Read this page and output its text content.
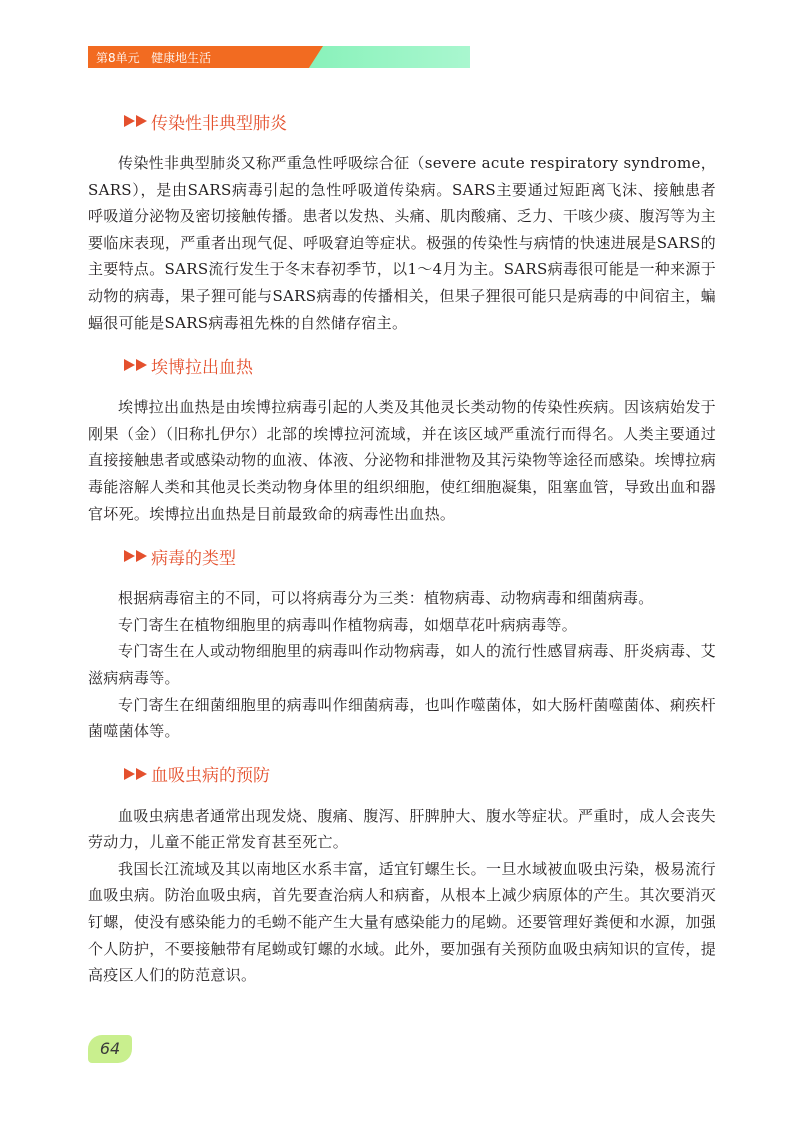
第8单元 健康地生活
传染性非典型肺炎

传染性非典型肺炎又称严重急性呼吸综合征（severe acute respiratory syndrome，SARS），是由SARS病毒引起的急性呼吸道传染病。SARS主要通过短距离飞沫、接触患者呼吸道分泌物及密切接触传播。患者以发热、头痛、肌肉酸痛、乏力、干咳少痰、腹泻等为主要临床表现，严重者出现气促、呼吸窘迫等症状。极强的传染性与病情的快速进展是SARS的主要特点。SARS流行发生于冬末春初季节，以1～4月为主。SARS病毒很可能是一种来源于动物的病毒，果子狸可能与SARS病毒的传播相关，但果子狸很可能只是病毒的中间宿主，蝙蝠很可能是SARS病毒祖先株的自然储存宿主。

埃博拉出血热

埃博拉出血热是由埃博拉病毒引起的人类及其他灵长类动物的传染性疾病。因该病始发于刚果（金）（旧称扎伊尔）北部的埃博拉河流域，并在该区域严重流行而得名。人类主要通过直接接触患者或感染动物的血液、体液、分泌物和排泄物及其污染物等途径而感染。埃博拉病毒能溶解人类和其他灵长类动物身体里的组织细胞，使红细胞凝集，阻塞血管，导致出血和器官坏死。埃博拉出血热是目前最致命的病毒性出血热。

病毒的类型

根据病毒宿主的不同，可以将病毒分为三类：植物病毒、动物病毒和细菌病毒。

专门寄生在植物细胞里的病毒叫作植物病毒，如烟草花叶病病毒等。

专门寄生在人或动物细胞里的病毒叫作动物病毒，如人的流行性感冒病毒、肝炎病毒、艾滋病病毒等。

专门寄生在细菌细胞里的病毒叫作细菌病毒，也叫作噬菌体，如大肠杆菌噬菌体、痢疾杆菌噬菌体等。

血吸虫病的预防

血吸虫病患者通常出现发烧、腹痛、腹泻、肝脾肿大、腹水等症状。严重时，成人会丧失劳动力，儿童不能正常发育甚至死亡。

我国长江流域及其以南地区水系丰富，适宜钉螺生长。一旦水域被血吸虫污染，极易流行血吸虫病。防治血吸虫病，首先要查治病人和病畜，从根本上减少病原体的产生。其次要消灭钉螺，使没有感染能力的毛蚴不能产生大量有感染能力的尾蚴。还要管理好粪便和水源，加强个人防护，不要接触带有尾蚴或钉螺的水域。此外，要加强有关预防血吸虫病知识的宣传，提高疫区人们的防范意识。

64
